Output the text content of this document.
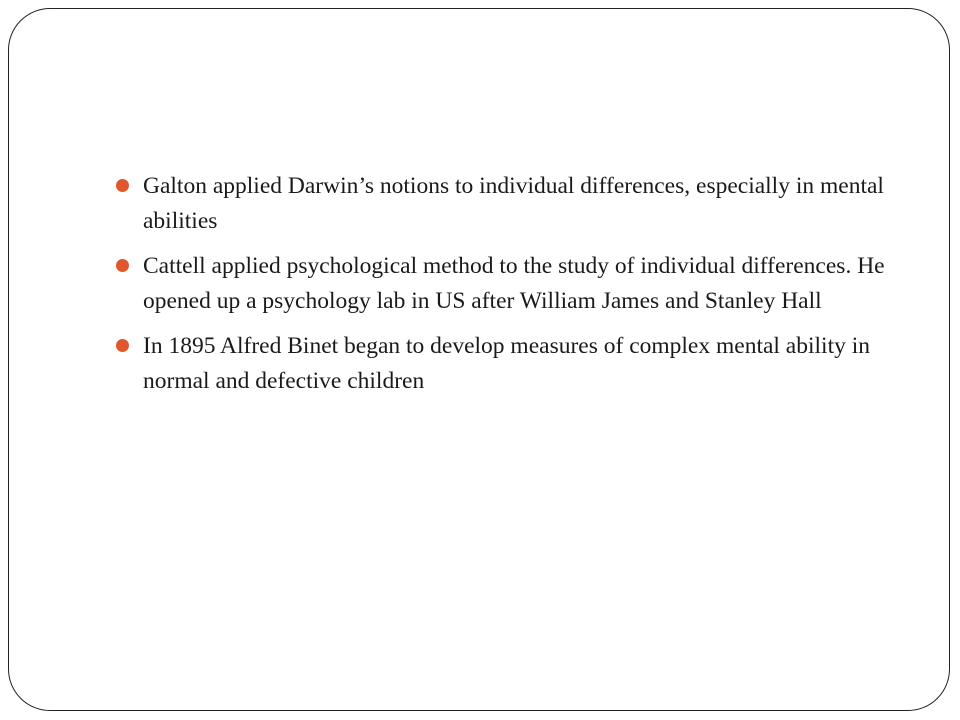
Galton applied Darwin’s notions to individual differences, especially in mental abilities
Cattell applied psychological method to the study of individual differences. He opened up a psychology lab in US after William James and Stanley Hall
In 1895 Alfred Binet began to develop measures of complex mental ability in normal and defective children
